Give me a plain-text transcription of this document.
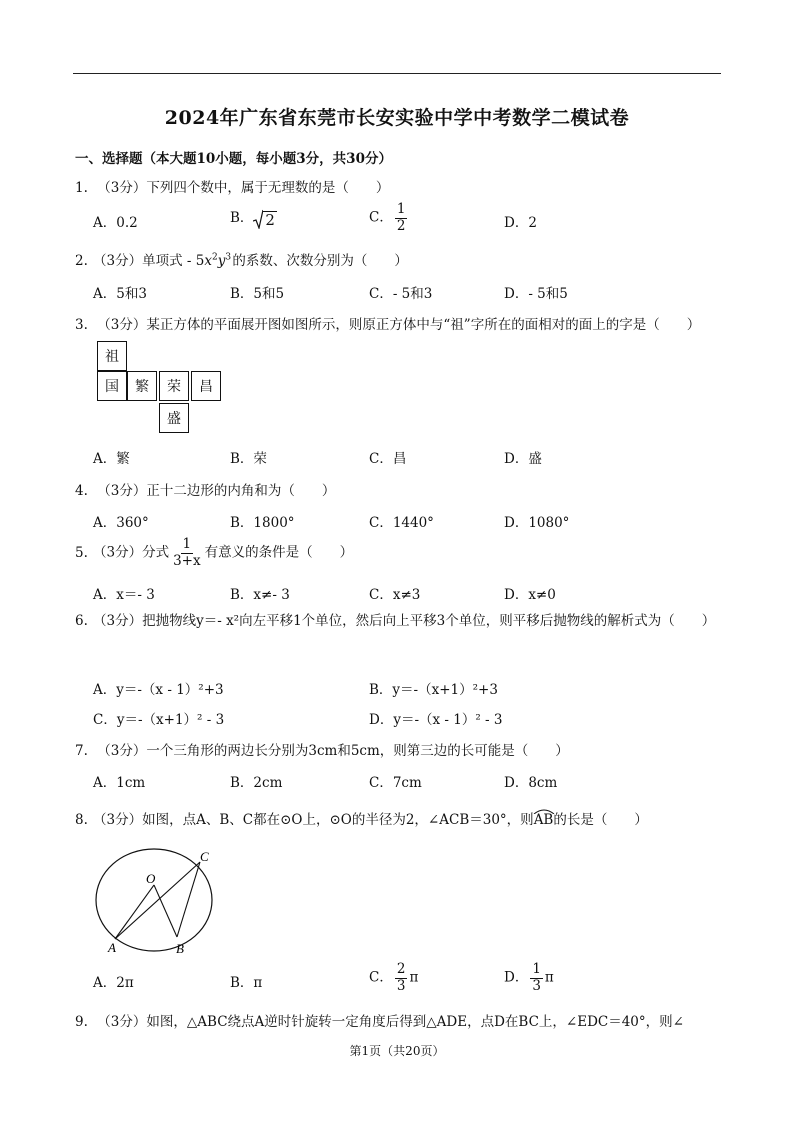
2024年广东省东莞市长安实验中学中考数学二模试卷
一、选择题（本大题10小题，每小题3分，共30分）
1. （3分）下列四个数中，属于无理数的是（　　）
A．0.2	B． 2	C． $\frac{1}{2}$	D．2
2. （3分）单项式 - $5x^2y^3$ 的系数、次数分别为（　　）
A．5和3	B．5和5	C．- 5和3	D．- 5和5
3. （3分）某正方体的平面展开图如图所示，则原正方体中与“祖”字所在的面相对的面上的字是（　　）
祖
国	繁	荣	昌
盛
A．繁	B．荣	C．昌	D．盛
4. （3分）正十二边形的内角和为（　　）
A．360°	B．1800°	C．1440°	D．1080°
5. （3分）分式 $\frac{1}{3+x}$ 有意义的条件是（　　）
A．x＝- 3	B．x≠- 3	C．x≠3	D．x≠0
6. （3分）把抛物线y＝- x²向左平移1个单位，然后向上平移3个单位，则平移后抛物线的解析式为（　　）
A．y＝-（x - 1）²+3	B．y＝-（x+1）²+3
C．y＝-（x+1）² - 3	D．y＝-（x - 1）² - 3
7. （3分）一个三角形的两边长分别为3cm和5cm，则第三边的长可能是（　　）
A．1cm	B．2cm	C．7cm	D．8cm
8. （3分）如图，点A、B、C都在⊙O上，⊙O的半径为2，∠ACB＝30°，则
AB的长是（　　）
O
A	B
C
A．2π	B．π	C． $\frac{2}{3}$ π	D． $\frac{1}{3}$ π
9. （3分）如图，△ABC绕点A逆时针旋转一定角度后得到△ADE，点D在BC上，∠EDC＝40°，则∠
第1页（共20页）
